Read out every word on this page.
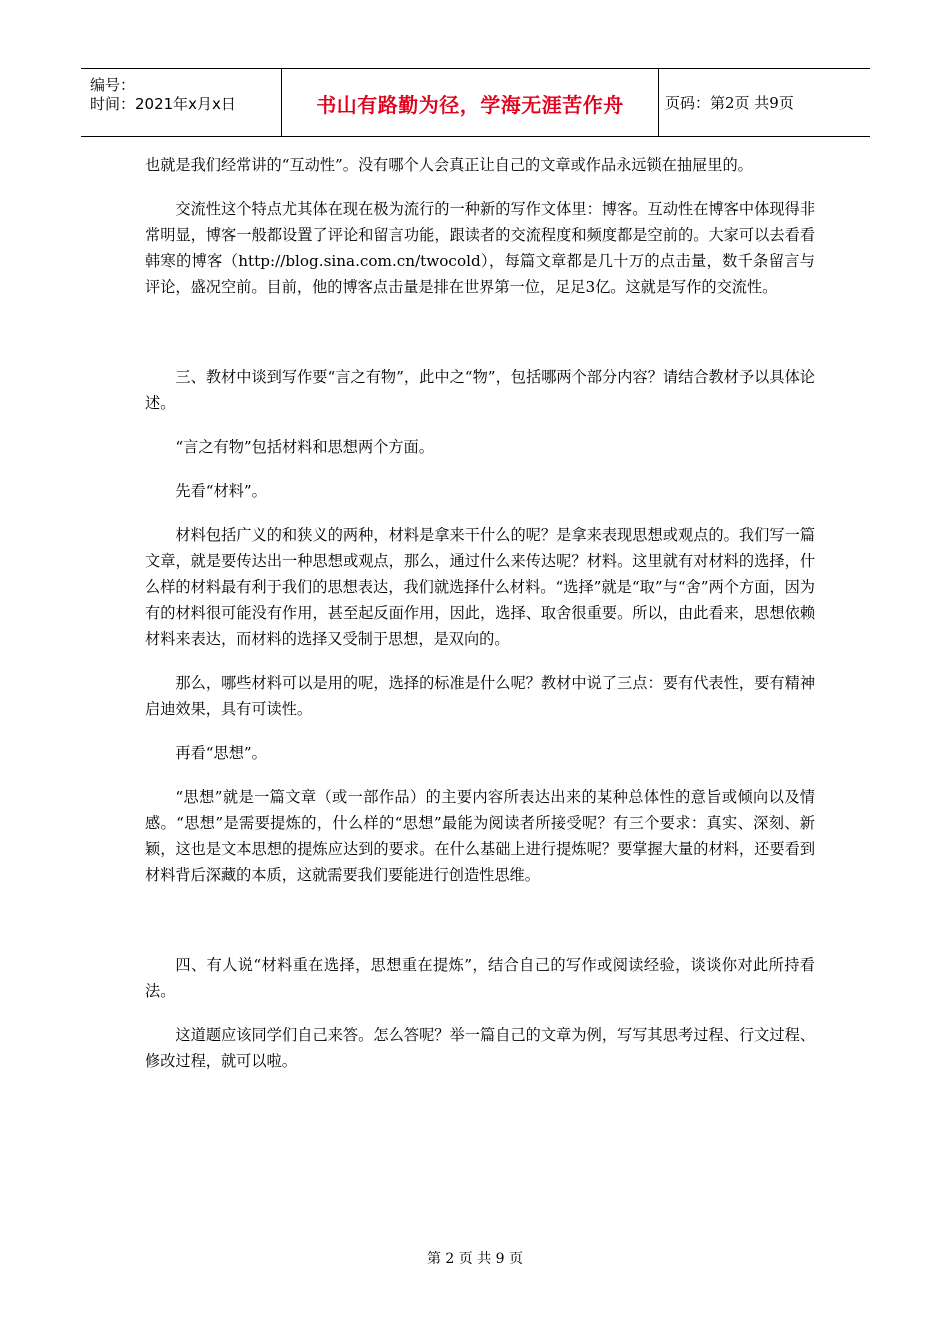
编号：
时间：2021年x月x日	书山有路勤为径，学海无涯苦作舟	页码：第2页 共9页

也就是我们经常讲的“互动性”。没有哪个人会真正让自己的文章或作品永远锁在抽屉里的。

交流性这个特点尤其体在现在极为流行的一种新的写作文体里：博客。互动性在博客中体现得非常明显，博客一般都设置了评论和留言功能，跟读者的交流程度和频度都是空前的。大家可以去看看韩寒的博客（http://blog.sina.com.cn/twocold），每篇文章都是几十万的点击量，数千条留言与评论，盛况空前。目前，他的博客点击量是排在世界第一位，足足3亿。这就是写作的交流性。

三、教材中谈到写作要“言之有物”，此中之“物”，包括哪两个部分内容？请结合教材予以具体论述。

“言之有物”包括材料和思想两个方面。

先看“材料”。

材料包括广义的和狭义的两种，材料是拿来干什么的呢？是拿来表现思想或观点的。我们写一篇文章，就是要传达出一种思想或观点，那么，通过什么来传达呢？材料。这里就有对材料的选择，什么样的材料最有利于我们的思想表达，我们就选择什么材料。“选择”就是“取”与“舍”两个方面，因为有的材料很可能没有作用，甚至起反面作用，因此，选择、取舍很重要。所以，由此看来，思想依赖材料来表达，而材料的选择又受制于思想，是双向的。

那么，哪些材料可以是用的呢，选择的标准是什么呢？教材中说了三点：要有代表性，要有精神启迪效果，具有可读性。

再看“思想”。

“思想”就是一篇文章（或一部作品）的主要内容所表达出来的某种总体性的意旨或倾向以及情感。“思想”是需要提炼的，什么样的“思想”最能为阅读者所接受呢？有三个要求：真实、深刻、新颖，这也是文本思想的提炼应达到的要求。在什么基础上进行提炼呢？要掌握大量的材料，还要看到材料背后深藏的本质，这就需要我们要能进行创造性思维。

四、有人说“材料重在选择，思想重在提炼”，结合自己的写作或阅读经验，谈谈你对此所持看法。

这道题应该同学们自己来答。怎么答呢？举一篇自己的文章为例，写写其思考过程、行文过程、修改过程，就可以啦。

第 2 页 共 9 页
